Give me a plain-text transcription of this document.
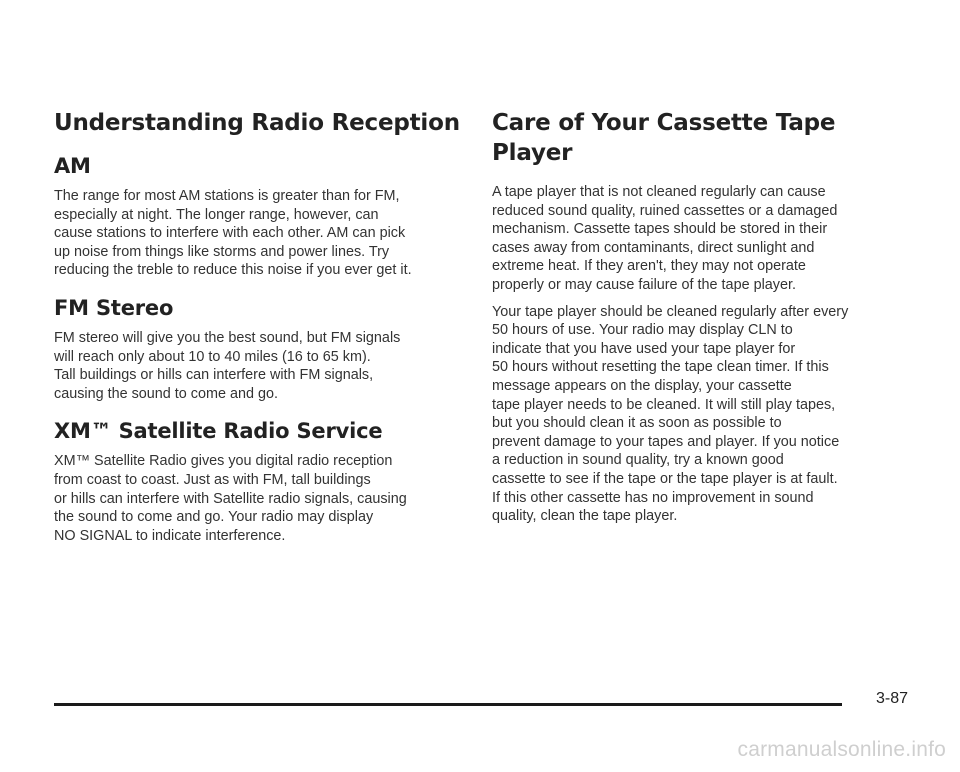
Understanding Radio Reception
AM

The range for most AM stations is greater than for FM,
especially at night. The longer range, however, can
cause stations to interfere with each other. AM can pick
up noise from things like storms and power lines. Try
reducing the treble to reduce this noise if you ever get it.

FM Stereo

FM stereo will give you the best sound, but FM signals
will reach only about 10 to 40 miles (16 to 65 km).
Tall buildings or hills can interfere with FM signals,
causing the sound to come and go.

XM™ Satellite Radio Service

XM™ Satellite Radio gives you digital radio reception
from coast to coast. Just as with FM, tall buildings
or hills can interfere with Satellite radio signals, causing
the sound to come and go. Your radio may display
NO SIGNAL to indicate interference.

Care of Your Cassette Tape Player

A tape player that is not cleaned regularly can cause
reduced sound quality, ruined cassettes or a damaged
mechanism. Cassette tapes should be stored in their
cases away from contaminants, direct sunlight and
extreme heat. If they aren't, they may not operate
properly or may cause failure of the tape player.

Your tape player should be cleaned regularly after every
50 hours of use. Your radio may display CLN to
indicate that you have used your tape player for
50 hours without resetting the tape clean timer. If this
message appears on the display, your cassette
tape player needs to be cleaned. It will still play tapes,
but you should clean it as soon as possible to
prevent damage to your tapes and player. If you notice
a reduction in sound quality, try a known good
cassette to see if the tape or the tape player is at fault.
If this other cassette has no improvement in sound
quality, clean the tape player.

3-87
carmanualsonline.info
